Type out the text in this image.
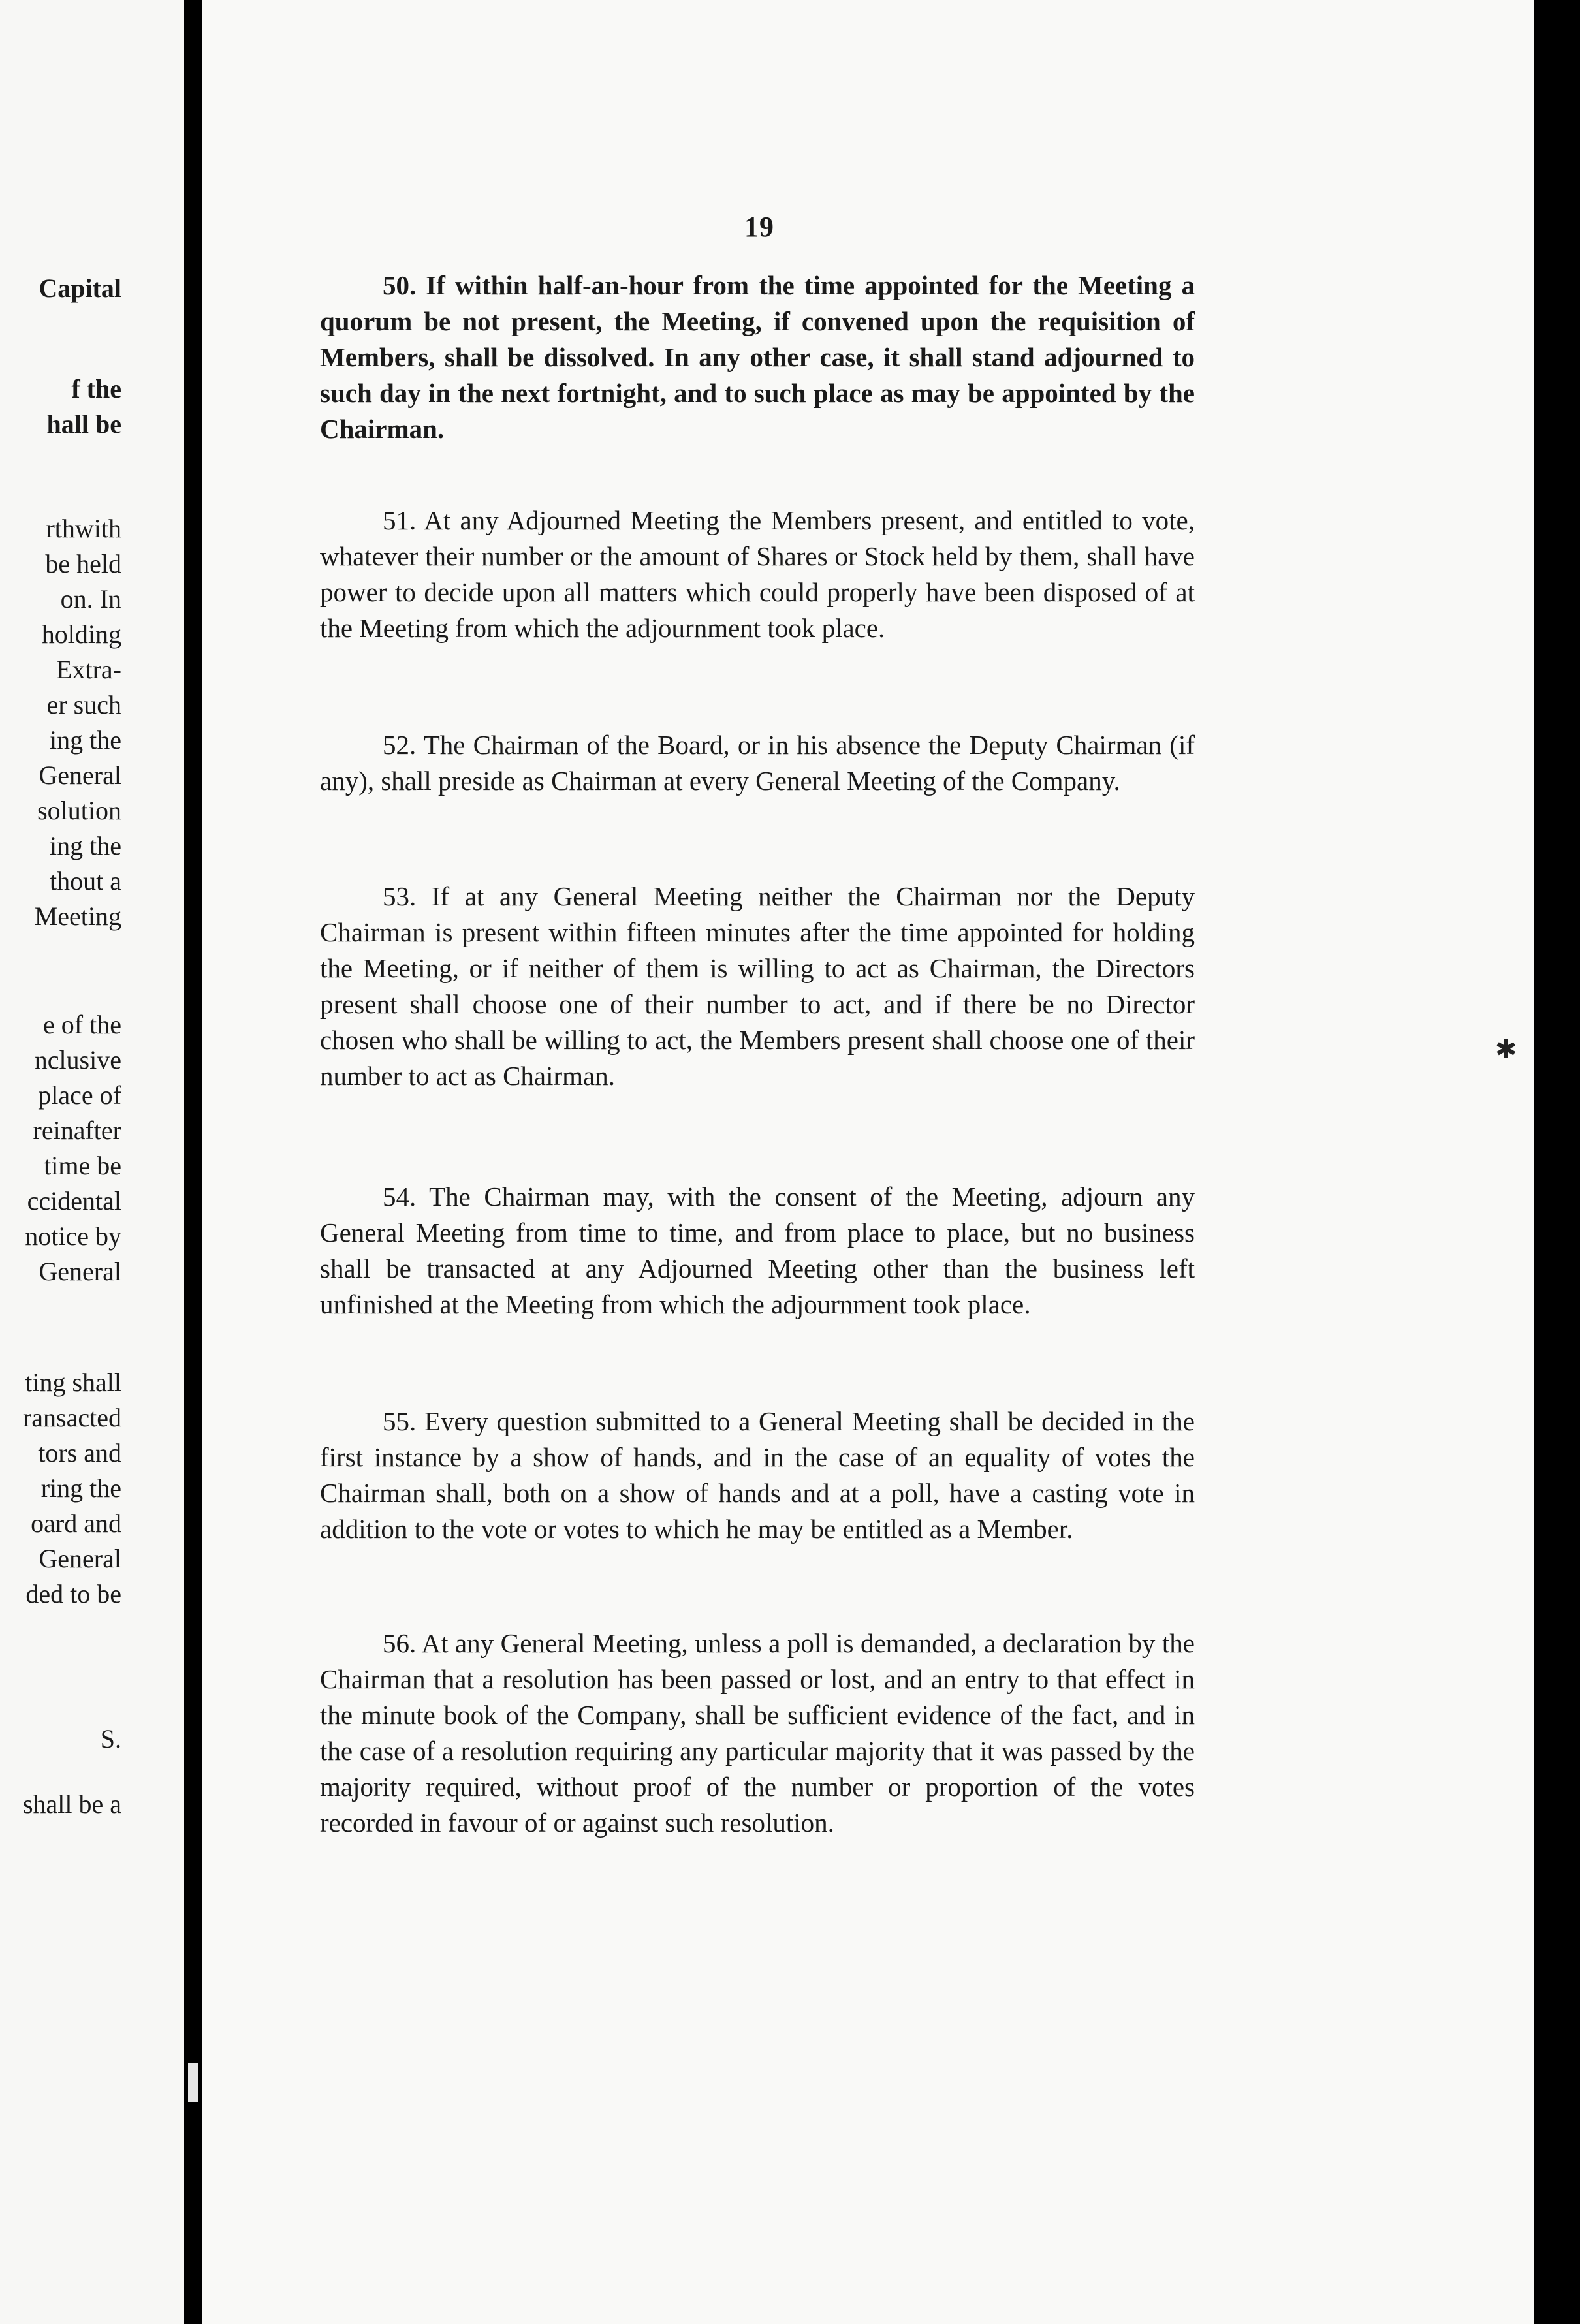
Capital
f the
hall be
rthwith
be held
on. In
holding
Extra-
er such
ing the
General
solution
ing the
thout a
Meeting
e of the
nclusive
place of
reinafter
time be
ccidental
notice by
General
ting shall
ransacted
tors and
ring the
oard and
General
ded to be
S.
shall be a
19
50. If within half-an-hour from the time appointed for the Meeting a quorum be not present, the Meeting, if convened upon the requisition of Members, shall be dissolved. In any other case, it shall stand adjourned to such day in the next fortnight, and to such place as may be appointed by the Chairman.
51. At any Adjourned Meeting the Members present, and entitled to vote, whatever their number or the amount of Shares or Stock held by them, shall have power to decide upon all matters which could properly have been disposed of at the Meeting from which the adjournment took place.
52. The Chairman of the Board, or in his absence the Deputy Chairman (if any), shall preside as Chairman at every General Meeting of the Company.
53. If at any General Meeting neither the Chairman nor the Deputy Chairman is present within fifteen minutes after the time appointed for holding the Meeting, or if neither of them is willing to act as Chairman, the Directors present shall choose one of their number to act, and if there be no Director chosen who shall be willing to act, the Members present shall choose one of their number to act as Chairman.
54. The Chairman may, with the consent of the Meeting, adjourn any General Meeting from time to time, and from place to place, but no business shall be transacted at any Adjourned Meeting other than the business left unfinished at the Meeting from which the adjournment took place.
55. Every question submitted to a General Meeting shall be decided in the first instance by a show of hands, and in the case of an equality of votes the Chairman shall, both on a show of hands and at a poll, have a casting vote in addition to the vote or votes to which he may be entitled as a Member.
56. At any General Meeting, unless a poll is demanded, a declaration by the Chairman that a resolution has been passed or lost, and an entry to that effect in the minute book of the Company, shall be sufficient evidence of the fact, and in the case of a resolution requiring any particular majority that it was passed by the majority required, without proof of the number or proportion of the votes recorded in favour of or against such resolution.
✱
